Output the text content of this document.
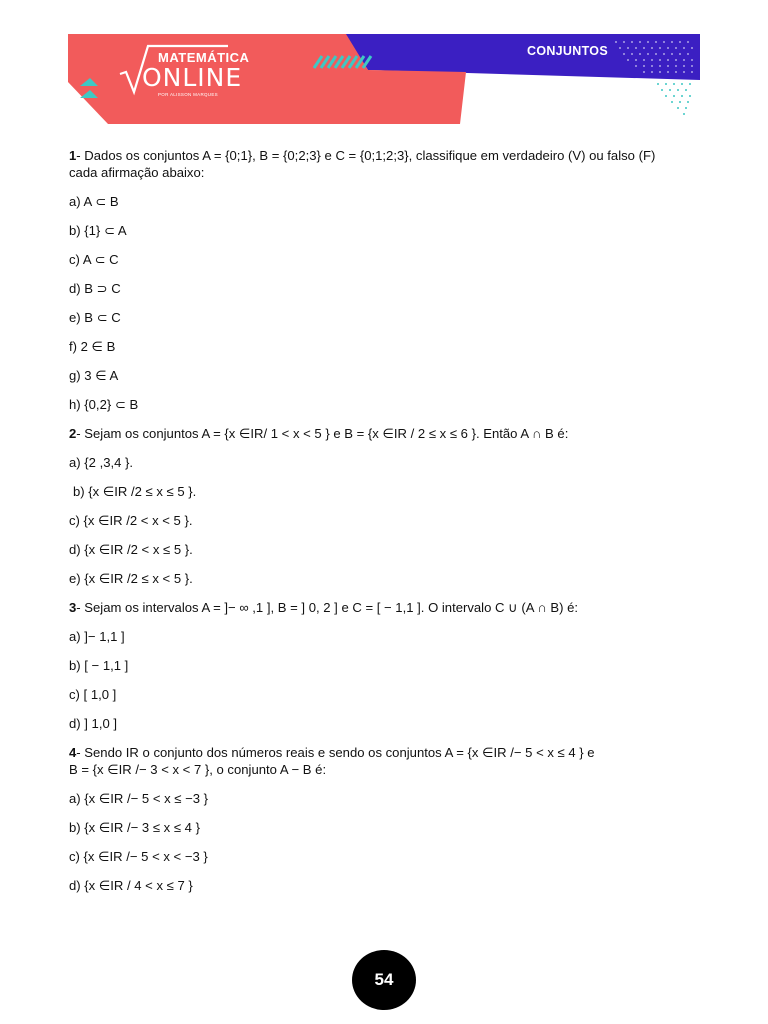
MATEMÁTICA
ONLINE
POR ALISSON MARQUES
CONJUNTOS
1- Dados os conjuntos A = {0;1}, B = {0;2;3} e C = {0;1;2;3}, classifique em verdadeiro (V) ou falso (F)
cada afirmação abaixo:
a) A ⊂ B
b) {1} ⊂ A
c) A ⊂ C
d) B ⊃ C
e) B ⊂ C
f) 2 ∈ B
g) 3 ∈ A
h) {0,2} ⊂ B
2- Sejam os conjuntos A = {x ∈IR/ 1 < x < 5 } e B = {x ∈IR / 2 ≤ x ≤ 6 }. Então A ∩ B é:
a) {2 ,3,4 }.
b) {x ∈IR /2 ≤ x ≤ 5 }.
c) {x ∈IR /2 < x < 5 }.
d) {x ∈IR /2 < x ≤ 5 }.
e) {x ∈IR /2 ≤ x < 5 }.
3- Sejam os intervalos A = ]− ∞ ,1 ], B = ] 0, 2 ] e C = [ − 1,1 ]. O intervalo C ∪ (A ∩ B) é:
a) ]− 1,1 ]
b) [ − 1,1 ]
c) [ 1,0 ]
d) ] 1,0 ]
4- Sendo IR o conjunto dos números reais e sendo os conjuntos A = {x ∈IR /− 5 < x ≤ 4 } e
B = {x ∈IR /− 3 < x < 7 }, o conjunto A − B é:
a) {x ∈IR /− 5 < x ≤ −3 }
b) {x ∈IR /− 3 ≤ x ≤ 4 }
c) {x ∈IR /− 5 < x < −3 }
d) {x ∈IR / 4 < x ≤ 7 }
54
